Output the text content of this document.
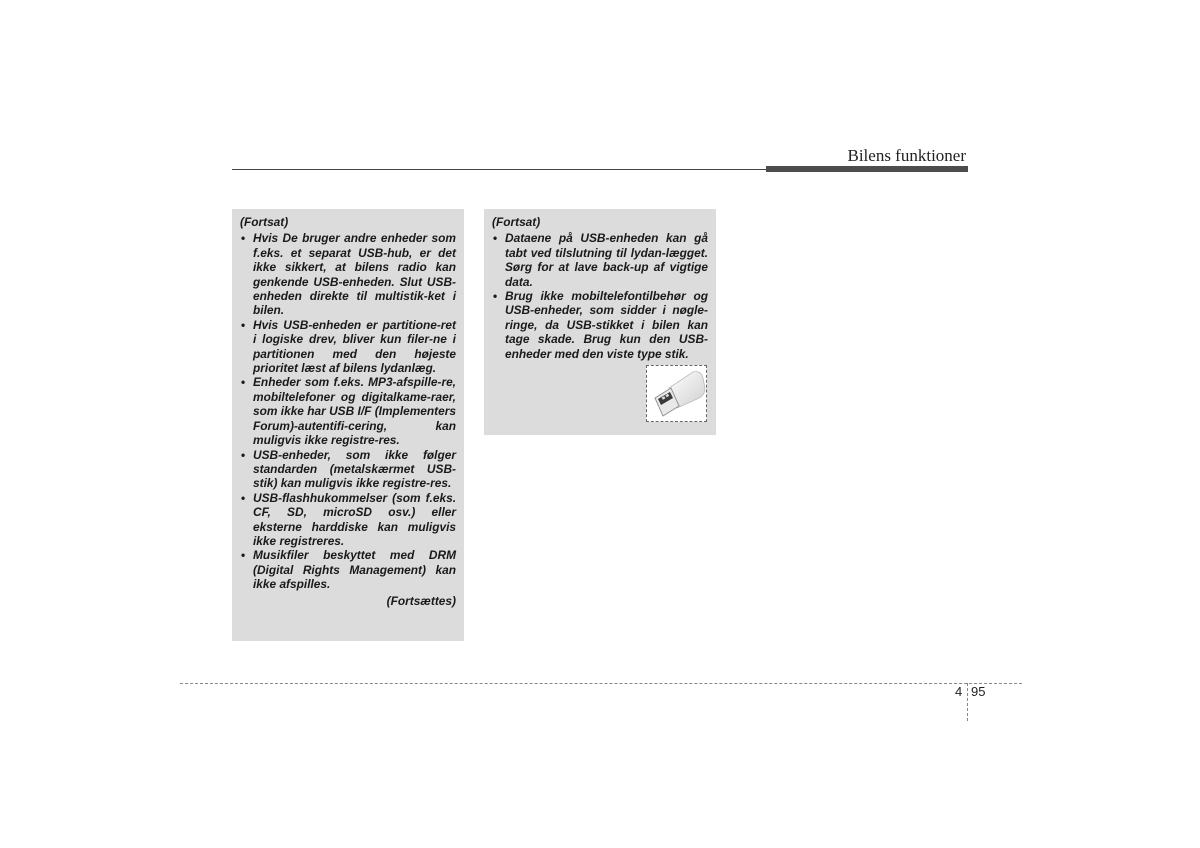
Bilens funktioner
(Fortsat)
• Hvis De bruger andre enheder som f.eks. et separat USB-hub, er det ikke sikkert, at bilens radio kan genkende USB-enheden. Slut USB-enheden direkte til multistik-ket i bilen.
• Hvis USB-enheden er partitione-ret i logiske drev, bliver kun filer-ne i partitionen med den højeste prioritet læst af bilens lydanlæg.
• Enheder som f.eks. MP3-afspille-re, mobiltelefoner og digitalkame-raer, som ikke har USB I/F (Implementers Forum)-autentifi-cering, kan muligvis ikke registre-res.
• USB-enheder, som ikke følger standarden (metalskærmet USB-stik) kan muligvis ikke registre-res.
• USB-flashhukommelser (som f.eks. CF, SD, microSD osv.) eller eksterne harddiske kan muligvis ikke registreres.
• Musikfiler beskyttet med DRM (Digital Rights Management) kan ikke afspilles.
(Fortsættes)
(Fortsat)
• Dataene på USB-enheden kan gå tabt ved tilslutning til lydan-lægget. Sørg for at lave back-up af vigtige data.
• Brug ikke mobiltelefontilbehør og USB-enheder, som sidder i nøgle-ringe, da USB-stikket i bilen kan tage skade. Brug kun den USB-enheder med den viste type stik.
4 95
